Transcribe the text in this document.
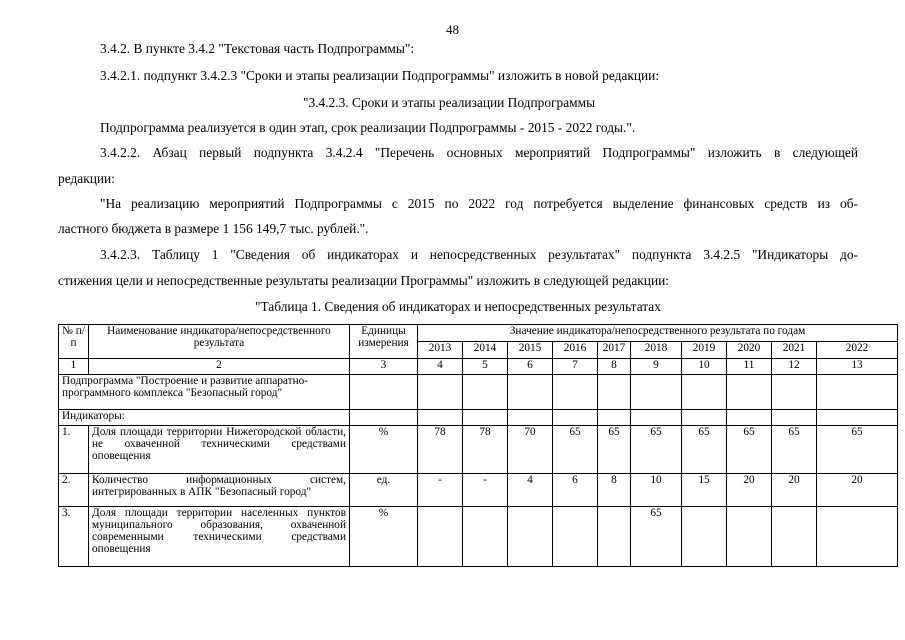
48
3.4.2. В пункте 3.4.2 "Текстовая часть Подпрограммы":
3.4.2.1. подпункт 3.4.2.3 "Сроки и этапы реализации Подпрограммы" изложить в новой редакции:
"3.4.2.3. Сроки и этапы реализации Подпрограммы
Подпрограмма реализуется в один этап, срок реализации Подпрограммы - 2015 - 2022 годы.".
3.4.2.2. Абзац первый подпункта 3.4.2.4 "Перечень основных мероприятий Подпрограммы" изложить в следующей
редакции:
"На реализацию мероприятий Подпрограммы с 2015 по 2022 год потребуется выделение финансовых средств из об-
ластного бюджета в размере 1 156 149,7 тыс. рублей.".
3.4.2.3. Таблицу 1 "Сведения об индикаторах и непосредственных результатах" подпункта 3.4.2.5 "Индикаторы до-
стижения цели и непосредственные результаты реализации Программы" изложить в следующей редакции:
"Таблица 1. Сведения об индикаторах и непосредственных результатах
№ п/п	Наименование индикатора/непосредственного результата	Единицы измерения	Значение индикатора/непосредственного результата по годам									
			2013	2014	2015	2016	2017	2018	2019	2020	2021	2022
1	2	3	4	5	6	7	8	9	10	11	12	13
Подпрограмма "Построение и развитие аппаратно-программного комплекса "Безопасный город"												
Индикаторы:												
1.	Доля площади территории Нижегородской области, не охваченной техническими средствами оповещения	%	78	78	70	65	65	65	65	65	65	65
2.	Количество информационных систем, интегрированных в АПК "Безопасный город"	ед.	-	-	4	6	8	10	15	20	20	20
3.	Доля площади территории населенных пунктов муниципального образования, охваченной современными техническими средствами оповещения	%						65				
